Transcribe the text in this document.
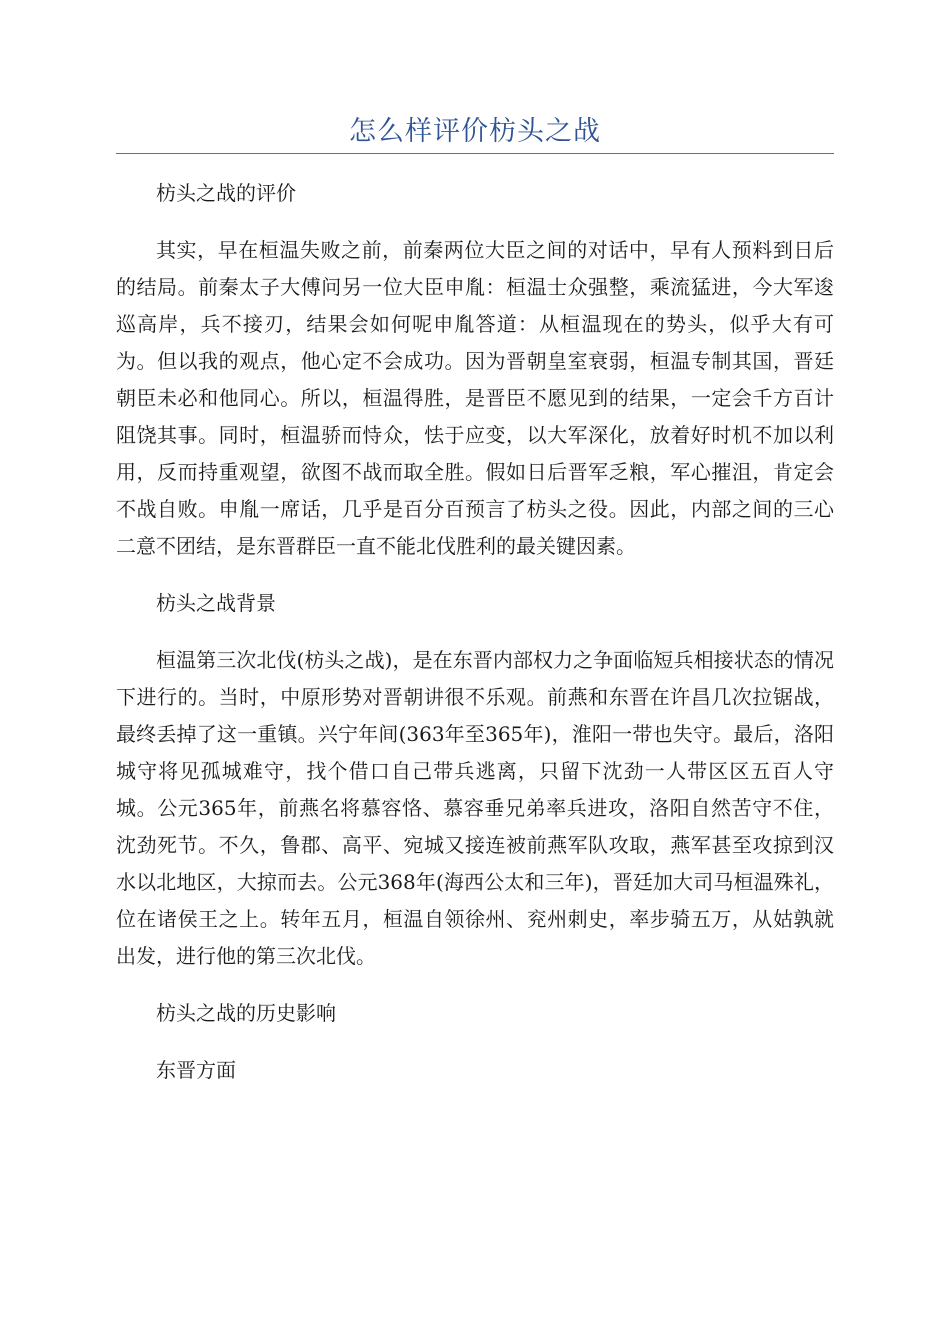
怎么样评价枋头之战

枋头之战的评价

其实，早在桓温失败之前，前秦两位大臣之间的对话中，早有人预料到日后的结局。前秦太子大傅问另一位大臣申胤：桓温士众强整，乘流猛进，今大军逡巡高岸，兵不接刃，结果会如何呢申胤答道：从桓温现在的势头，似乎大有可为。但以我的观点，他心定不会成功。因为晋朝皇室衰弱，桓温专制其国，晋廷朝臣未必和他同心。所以，桓温得胜，是晋臣不愿见到的结果，一定会千方百计阻饶其事。同时，桓温骄而恃众，怯于应变，以大军深化，放着好时机不加以利用，反而持重观望，欲图不战而取全胜。假如日后晋军乏粮，军心摧沮，肯定会不战自败。申胤一席话，几乎是百分百预言了枋头之役。因此，内部之间的三心二意不团结，是东晋群臣一直不能北伐胜利的最关键因素。

枋头之战背景

桓温第三次北伐(枋头之战)，是在东晋内部权力之争面临短兵相接状态的情况下进行的。当时，中原形势对晋朝讲很不乐观。前燕和东晋在许昌几次拉锯战，最终丢掉了这一重镇。兴宁年间(363年至365年)，淮阳一带也失守。最后，洛阳城守将见孤城难守，找个借口自己带兵逃离，只留下沈劲一人带区区五百人守城。公元365年，前燕名将慕容恪、慕容垂兄弟率兵进攻，洛阳自然苦守不住，沈劲死节。不久，鲁郡、高平、宛城又接连被前燕军队攻取，燕军甚至攻掠到汉水以北地区，大掠而去。公元368年(海西公太和三年)，晋廷加大司马桓温殊礼，位在诸侯王之上。转年五月，桓温自领徐州、兖州刺史，率步骑五万，从姑孰就出发，进行他的第三次北伐。

枋头之战的历史影响

东晋方面
